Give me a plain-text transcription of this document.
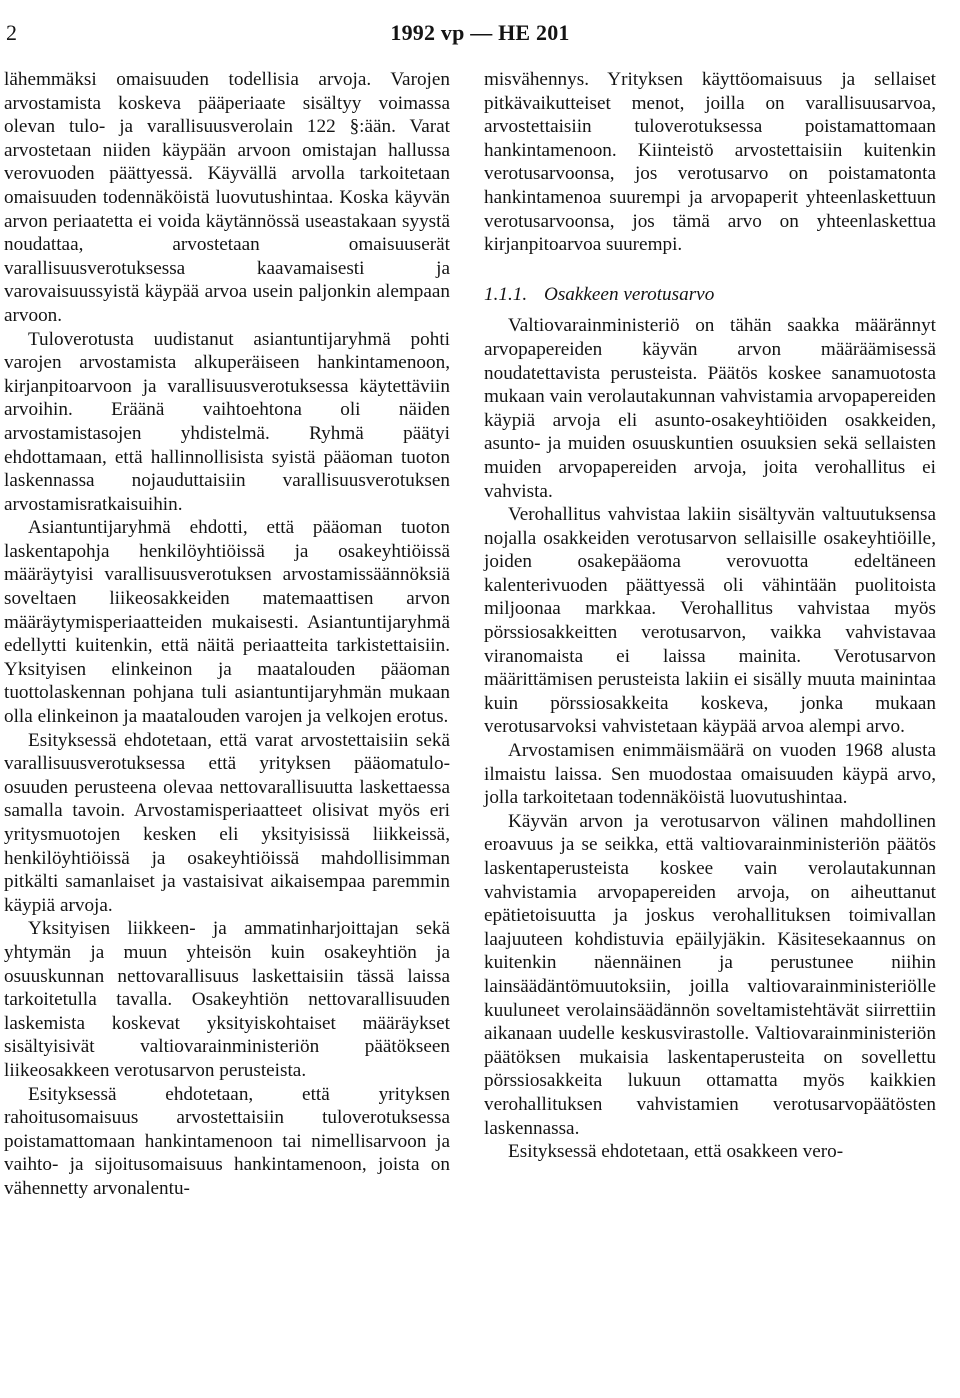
2	1992 vp — HE 201

lähemmäksi omaisuuden todellisia arvoja. Varojen arvostamista koskeva pääperiaate sisältyy voimassa olevan tulo- ja varallisuusverolain 122 §:ään. Varat arvostetaan niiden käypään arvoon omistajan hallussa verovuoden päättyessä. Käyvällä arvolla tarkoitetaan omaisuuden todennäköistä luovutushintaa. Koska käyvän arvon periaatetta ei voida käytännössä useastakaan syystä noudattaa, arvostetaan omaisuuserät varallisuusverotuksessa kaavamaisesti ja varovaisuussyistä käypää arvoa usein paljonkin alempaan arvoon.

Tuloverotusta uudistanut asiantuntijaryhmä pohti varojen arvostamista alkuperäiseen hankintamenoon, kirjanpitoarvoon ja varallisuusverotuksessa käytettäviin arvoihin. Eräänä vaihtoehtona oli näiden arvostamistasojen yhdistelmä. Ryhmä päätyi ehdottamaan, että hallinnollisista syistä pääoman tuoton laskennassa nojauduttaisiin varallisuusverotuksen arvostamisratkaisuihin.

Asiantuntijaryhmä ehdotti, että pääoman tuoton laskentapohja henkilöyhtiöissä ja osakeyhtiöissä määräytyisi varallisuusverotuksen arvostamissäännöksiä soveltaen liikeosakkeiden matemaattisen arvon määräytymisperiaatteiden mukaisesti. Asiantuntijaryhmä edellytti kuitenkin, että näitä periaatteita tarkistettaisiin. Yksityisen elinkeinon ja maatalouden pääoman tuottolaskennan pohjana tuli asiantuntijaryhmän mukaan olla elinkeinon ja maatalouden varojen ja velkojen erotus.

Esityksessä ehdotetaan, että varat arvostettaisiin sekä varallisuusverotuksessa että yrityksen pääomatulo-osuuden perusteena olevaa nettovarallisuutta laskettaessa samalla tavoin. Arvostamisperiaatteet olisivat myös eri yritysmuotojen kesken eli yksityisissä liikkeissä, henkilöyhtiöissä ja osakeyhtiöissä mahdollisimman pitkälti samanlaiset ja vastaisivat aikaisempaa paremmin käypiä arvoja.

Yksityisen liikkeen- ja ammatinharjoittajan sekä yhtymän ja muun yhteisön kuin osakeyhtiön ja osuuskunnan nettovarallisuus laskettaisiin tässä laissa tarkoitetulla tavalla. Osakeyhtiön nettovarallisuuden laskemista koskevat yksityiskohtaiset määräykset sisältyisivät valtiovarainministeriön päätökseen liikeosakkeen verotusarvon perusteista.

Esityksessä ehdotetaan, että yrityksen rahoitusomaisuus arvostettaisiin tuloverotuksessa poistamattomaan hankintamenoon tai nimellisarvoon ja vaihto- ja sijoitusomaisuus hankintamenoon, joista on vähennetty arvonalentu-

misvähennys. Yrityksen käyttöomaisuus ja sellaiset pitkävaikutteiset menot, joilla on varallisuusarvoa, arvostettaisiin tuloverotuksessa poistamattomaan hankintamenoon. Kiinteistö arvostettaisiin kuitenkin verotusarvoonsa, jos verotusarvo on poistamatonta hankintamenoa suurempi ja arvopaperit yhteenlaskettuun verotusarvoonsa, jos tämä arvo on yhteenlaskettua kirjanpitoarvoa suurempi.

1.1.1. Osakkeen verotusarvo

Valtiovarainministeriö on tähän saakka määrännyt arvopapereiden käyvän arvon määräämisessä noudatettavista perusteista. Päätös koskee sanamuotosta mukaan vain verolautakunnan vahvistamia arvopapereiden käypiä arvoja eli asunto-osakeyhtiöiden osakkeiden, asunto- ja muiden osuuskuntien osuuksien sekä sellaisten muiden arvopapereiden arvoja, joita verohallitus ei vahvista.

Verohallitus vahvistaa lakiin sisältyvän valtuutuksensa nojalla osakkeiden verotusarvon sellaisille osakeyhtiöille, joiden osakepääoma verovuotta edeltäneen kalenterivuoden päättyessä oli vähintään puolitoista miljoonaa markkaa. Verohallitus vahvistaa myös pörssiosakkeitten verotusarvon, vaikka vahvistavaa viranomaista ei laissa mainita. Verotusarvon määrittämisen perusteista lakiin ei sisälly muuta mainintaa kuin pörssiosakkeita koskeva, jonka mukaan verotusarvoksi vahvistetaan käypää arvoa alempi arvo.

Arvostamisen enimmäismäärä on vuoden 1968 alusta ilmaistu laissa. Sen muodostaa omaisuuden käypä arvo, jolla tarkoitetaan todennäköistä luovutushintaa.

Käyvän arvon ja verotusarvon välinen mahdollinen eroavuus ja se seikka, että valtiovarainministeriön päätös laskentaperusteista koskee vain verolautakunnan vahvistamia arvopapereiden arvoja, on aiheuttanut epätietoisuutta ja joskus verohallituksen toimivallan laajuuteen kohdistuvia epäilyjäkin. Käsitesekaannus on kuitenkin näennäinen ja perustunee niihin lainsäädäntömuutoksiin, joilla valtiovarainministeriölle kuuluneet verolainsäädännön soveltamistehtävät siirrettiin aikanaan uudelle keskusvirastolle. Valtiovarainministeriön päätöksen mukaisia laskentaperusteita on sovellettu pörssiosakkeita lukuun ottamatta myös kaikkien verohallituksen vahvistamien verotusarvopäätösten laskennassa.

Esityksessä ehdotetaan, että osakkeen vero-
